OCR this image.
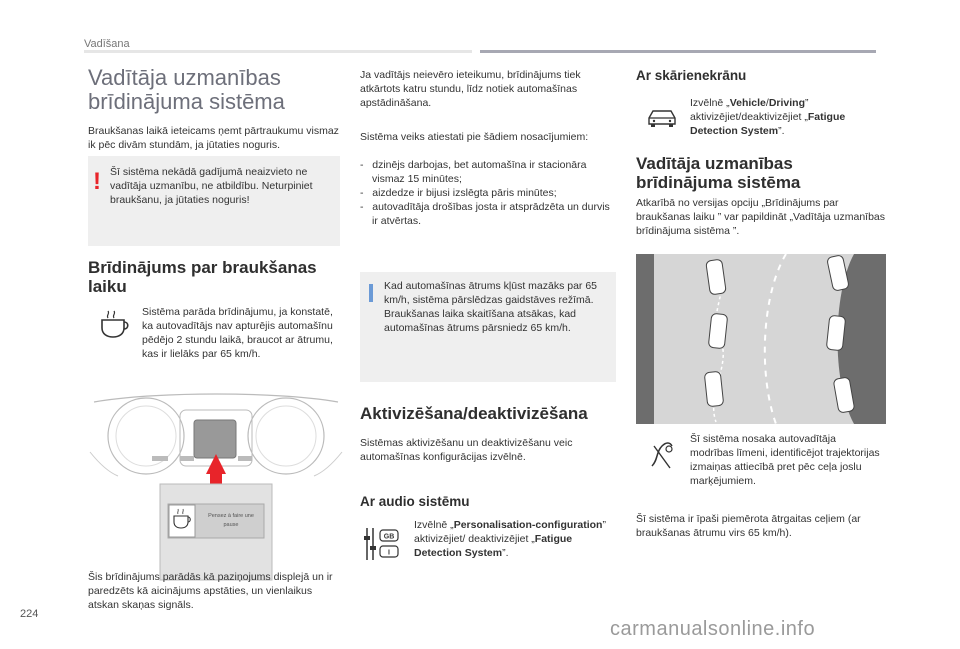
Vadīšana
Vadītāja uzmanības
brīdinājuma sistēma

Braukšanas laikā ieteicams ņemt pārtraukumu vismaz ik pēc divām stundām, ja jūtaties noguris.

! Šī sistēma nekādā gadījumā neaizvieto ne vadītāja uzmanību, ne atbildību. Neturpiniet braukšanu, ja jūtaties noguris!

Brīdinājums par braukšanas
laiku

Sistēma parāda brīdinājumu, ja konstatē, ka autovadītājs nav apturējis automašīnu pēdējo 2 stundu laikā, braucot ar ātrumu, kas ir lielāks par 65 km/h.

Pensez à faire une
pause

Šis brīdinājums parādās kā paziņojums displejā un ir paredzēts kā aicinājums apstāties, un vienlaikus atskan skaņas signāls.

Ja vadītājs neievēro ieteikumu, brīdinājums tiek atkārtots katru stundu, līdz notiek automašīnas apstādināšana.

Sistēma veiks atiestati pie šādiem nosacījumiem:

-   dzinējs darbojas, bet automašīna ir stacionāra vismaz 15 minūtes;
-   aizdedze ir bijusi izslēgta pāris minūtes;
-   autovadītāja drošības josta ir atsprādzēta un durvis ir atvērtas.

Kad automašīnas ātrums kļūst mazāks par 65 km/h, sistēma pārslēdzas gaidstāves režīmā. Braukšanas laika skaitīšana atsākas, kad automašīnas ātrums pārsniedz 65 km/h.

Aktivizēšana/deaktivizēšana

Sistēmas aktivizēšanu un deaktivizēšanu veic automašīnas konfigurācijas izvēlnē.

Ar audio sistēmu
GB
I

Izvēlnē „Personalisation-configuration” aktivizējiet/ deaktivizējiet „Fatigue Detection System”.

Ar skārienekrānu

Izvēlnē „Vehicle/Driving” aktivizējiet/deaktivizējiet „Fatigue Detection System”.

Vadītāja uzmanības
brīdinājuma sistēma

Atkarībā no versijas opciju „Brīdinājums par braukšanas laiku ” var papildināt „Vadītāja uzmanības brīdinājuma sistēma ”.

Šī sistēma nosaka autovadītāja modrības līmeni, identificējot trajektorijas izmaiņas attiecībā pret pēc ceļa joslu marķējumiem.

Šī sistēma ir īpaši piemērota ātrgaitas ceļiem (ar braukšanas ātrumu virs 65 km/h).

224
carmanualsonline.info
